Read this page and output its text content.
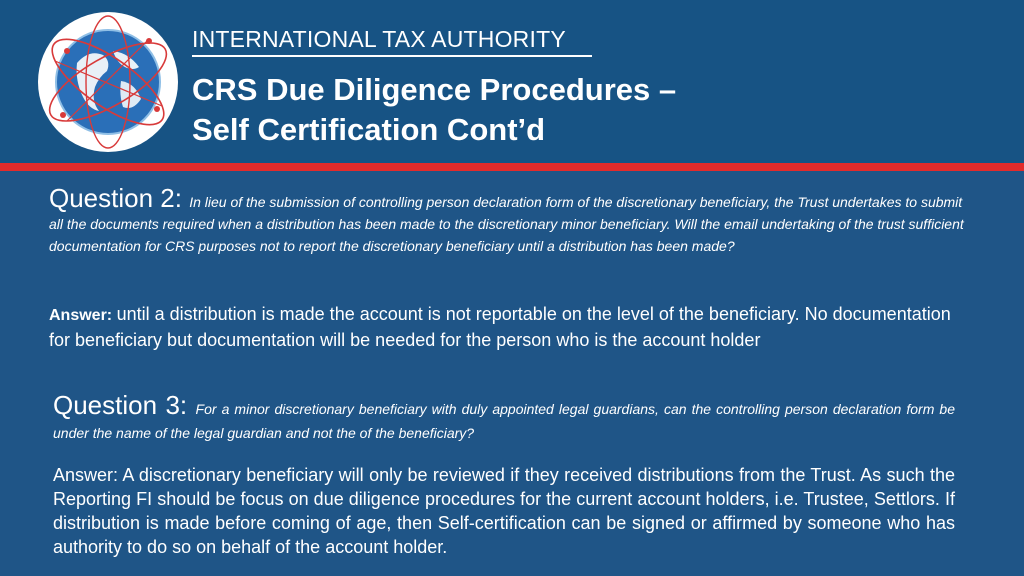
INTERNATIONAL TAX AUTHORITY
CRS Due Diligence Procedures –
Self Certification Cont’d
Question 2: In lieu of the submission of controlling person declaration form of the discretionary beneficiary, the Trust undertakes to submit all the documents required when a distribution has been made to the discretionary minor beneficiary. Will the email undertaking of the trust sufficient documentation for CRS purposes not to report the discretionary beneficiary until a distribution has been made?
Answer: until a distribution is made the account is not reportable on the level of the beneficiary. No documentation for beneficiary but documentation will be needed for the person who is the account holder
Question 3: For a minor discretionary beneficiary with duly appointed legal guardians, can the controlling person declaration form be under the name of the legal guardian and not the of the beneficiary?
Answer: A discretionary beneficiary will only be reviewed if they received distributions from the Trust. As such the Reporting FI should be focus on due diligence procedures for the current account holders, i.e. Trustee, Settlors. If distribution is made before coming of age, then Self-certification can be signed or affirmed by someone who has authority to do so on behalf of the account holder.
